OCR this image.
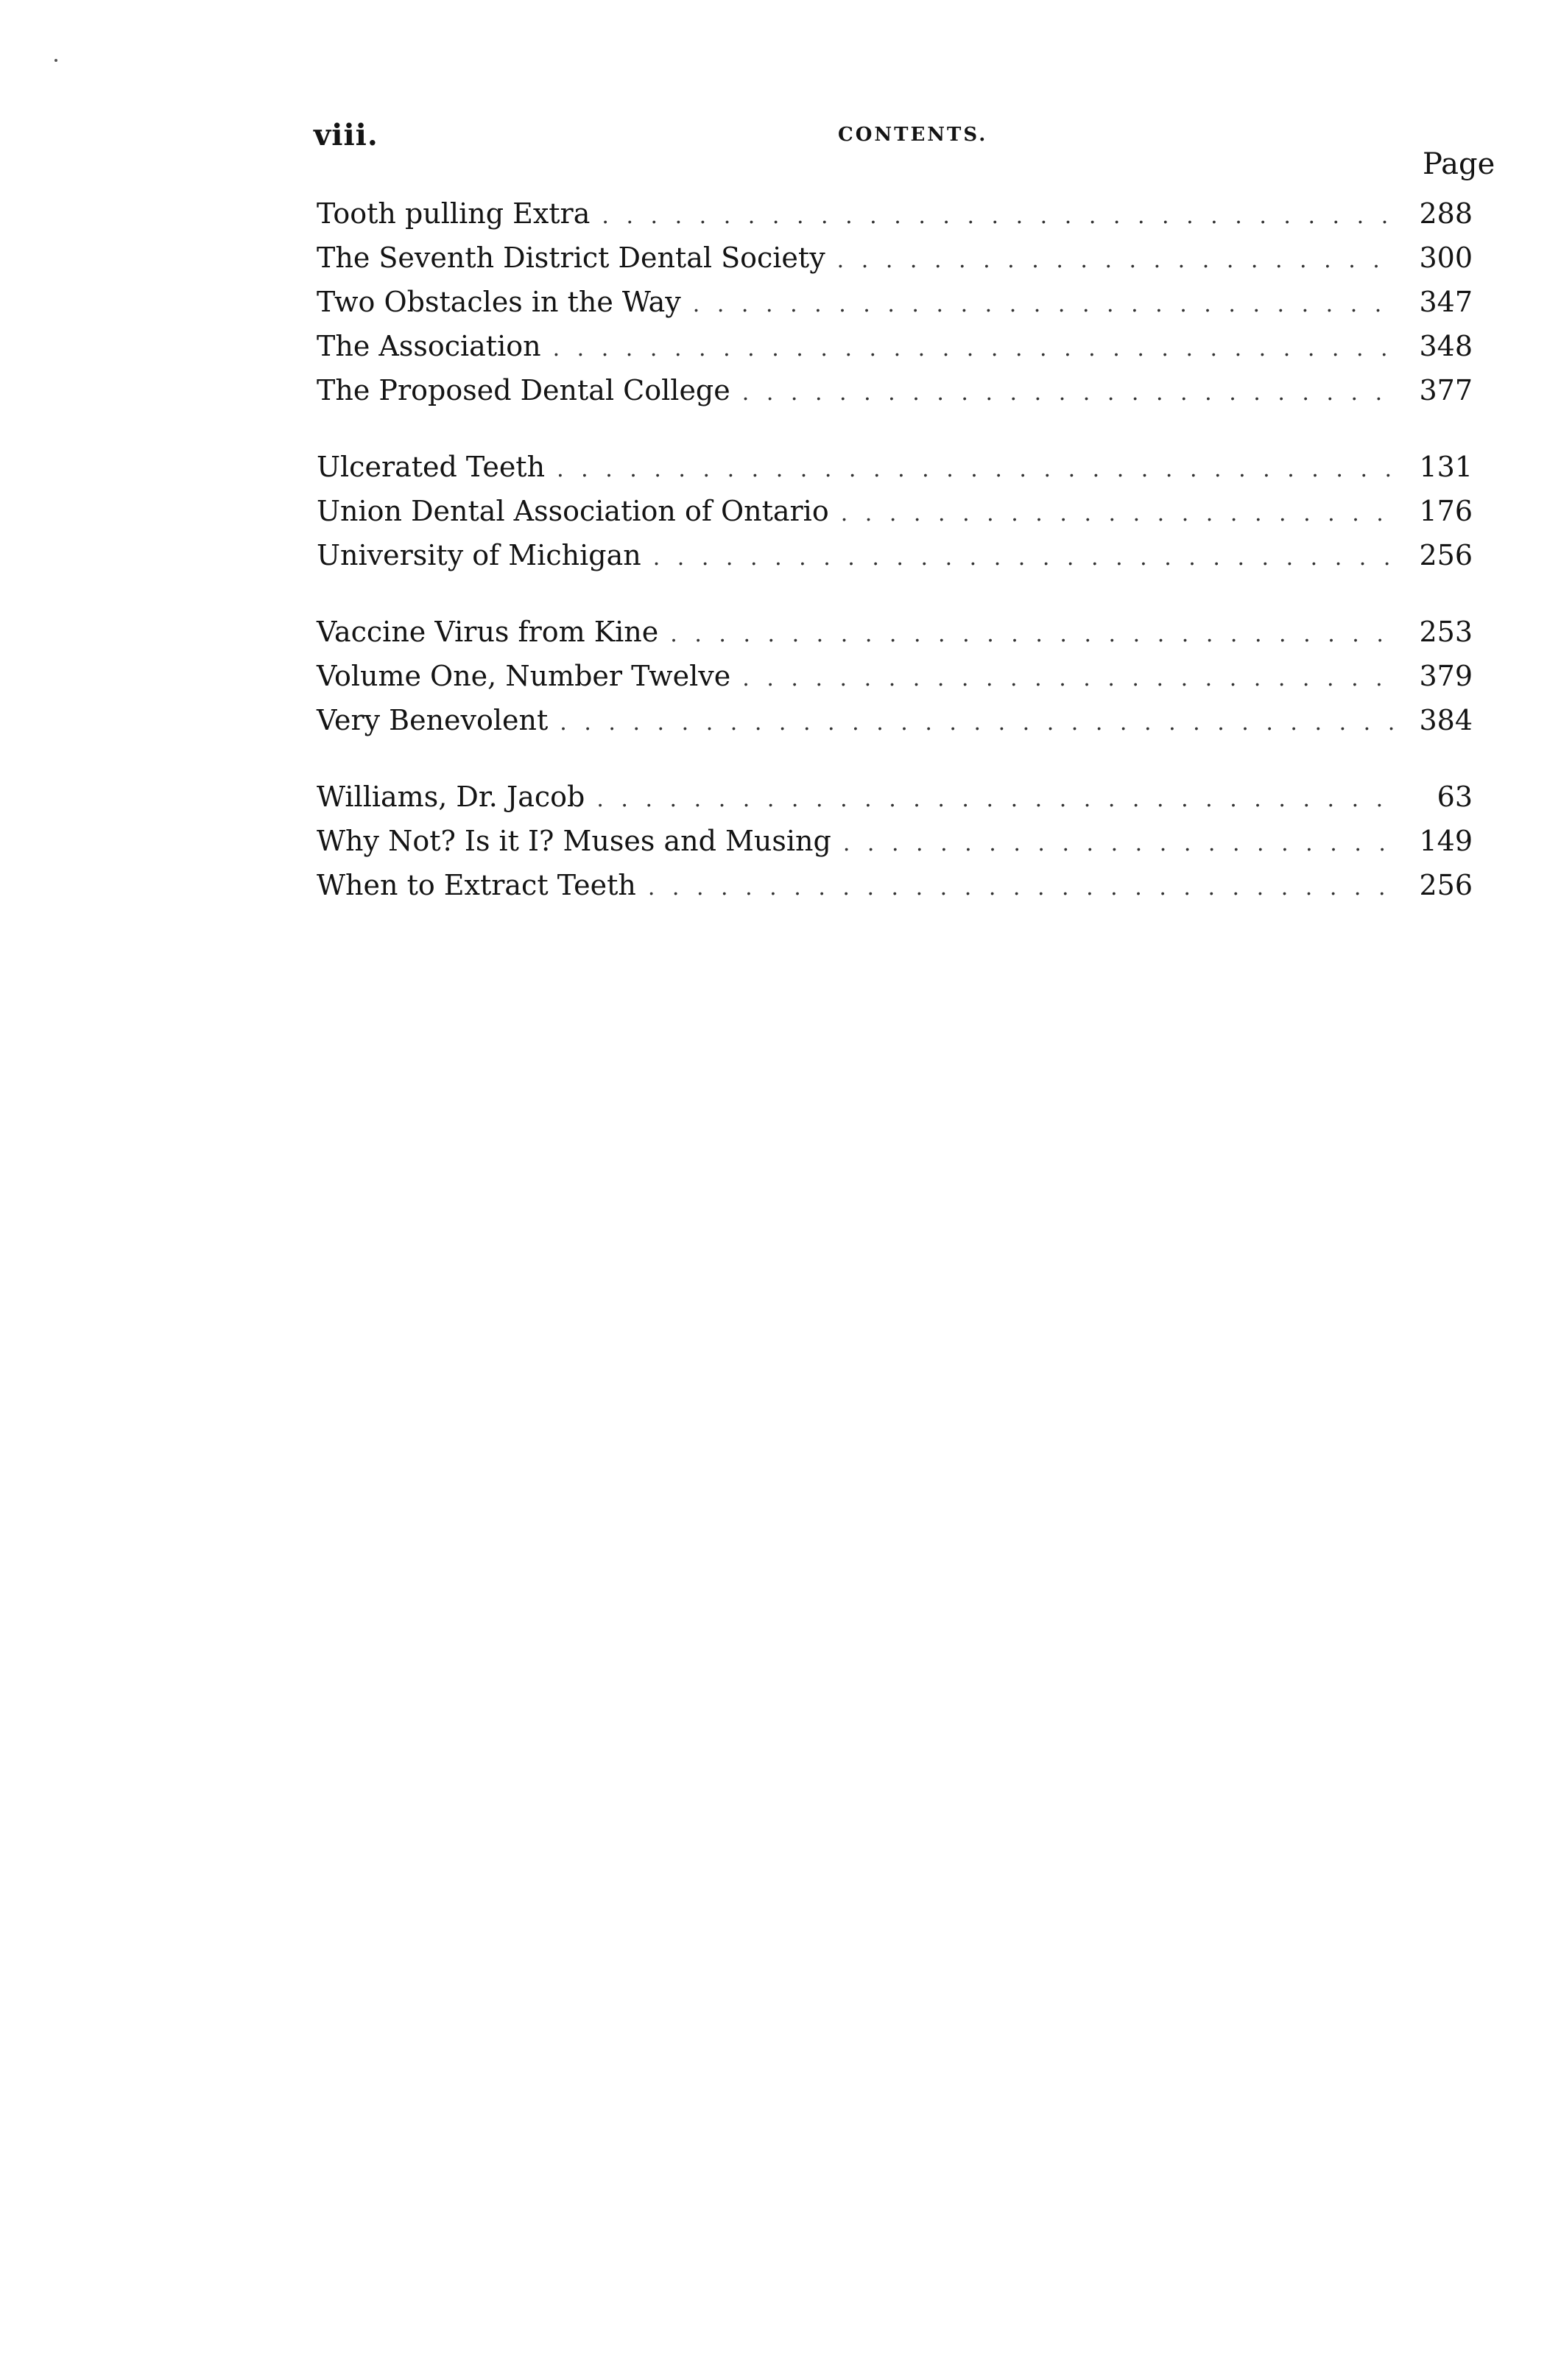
viii.	CONTENTS.
Page
Tooth pulling Extra . . .	288
The Seventh District Dental Society . . .	300
Two Obstacles in the Way . . .	347
The Association . . .	348
The Proposed Dental College . . .	377
Ulcerated Teeth . . .	131
Union Dental Association of Ontario . . .	176
University of Michigan . . .	256
Vaccine Virus from Kine . . .	253
Volume One, Number Twelve . . .	379
Very Benevolent . . .	384
Williams, Dr. Jacob . . .	63
Why Not? Is it I? Muses and Musing . . .	149
When to Extract Teeth . . .	256
